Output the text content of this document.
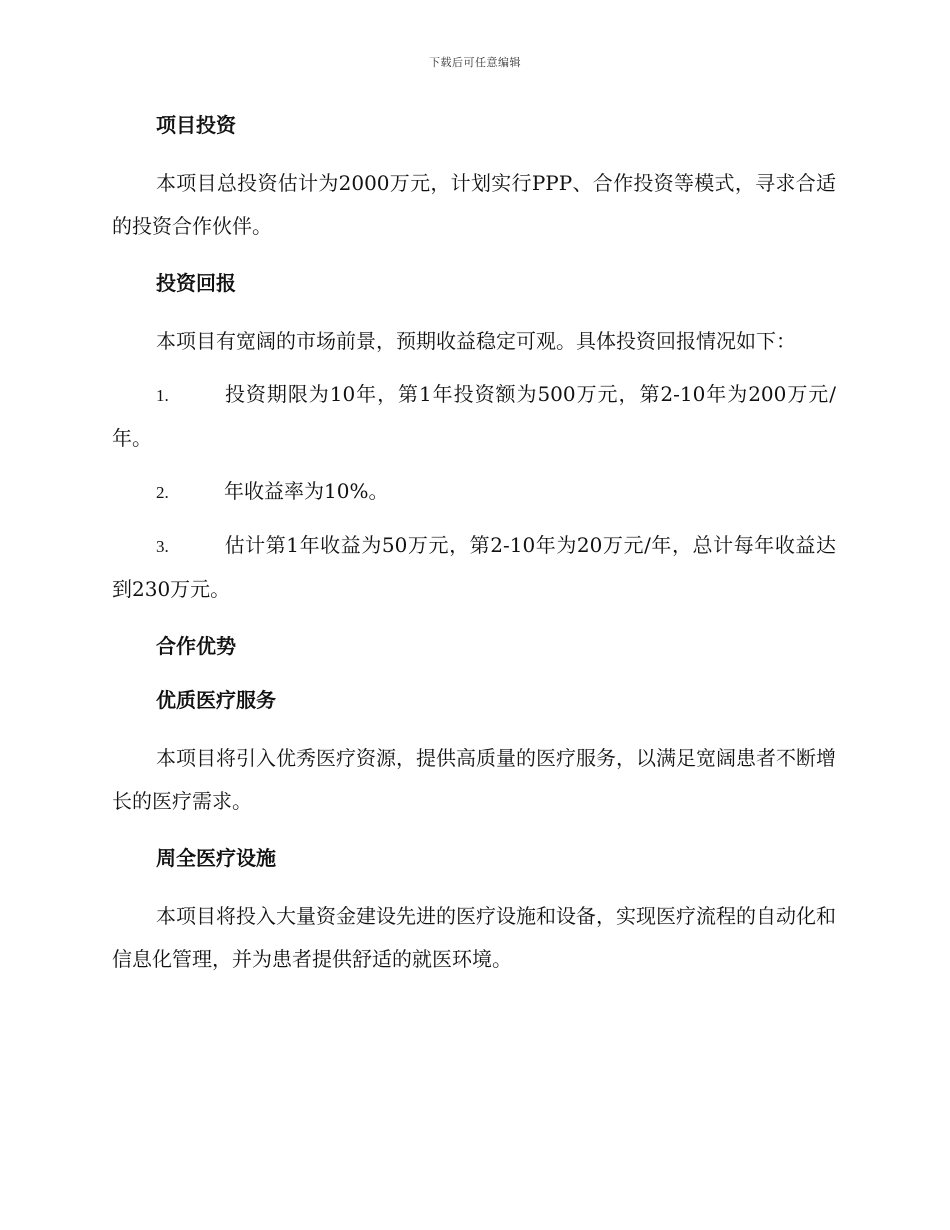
下载后可任意编辑
项目投资

本项目总投资估计为2000万元，计划实行PPP、合作投资等模式，寻求合适的投资合作伙伴。

投资回报

本项目有宽阔的市场前景，预期收益稳定可观。具体投资回报情况如下：

1.	投资期限为10年，第1年投资额为500万元，第2-10年为200万元/年。
2.	年收益率为10%。
3.	估计第1年收益为50万元，第2-10年为20万元/年，总计每年收益达到230万元。
合作优势
优质医疗服务

本项目将引入优秀医疗资源，提供高质量的医疗服务，以满足宽阔患者不断增长的医疗需求。

周全医疗设施

本项目将投入大量资金建设先进的医疗设施和设备，实现医疗流程的自动化和信息化管理，并为患者提供舒适的就医环境。
